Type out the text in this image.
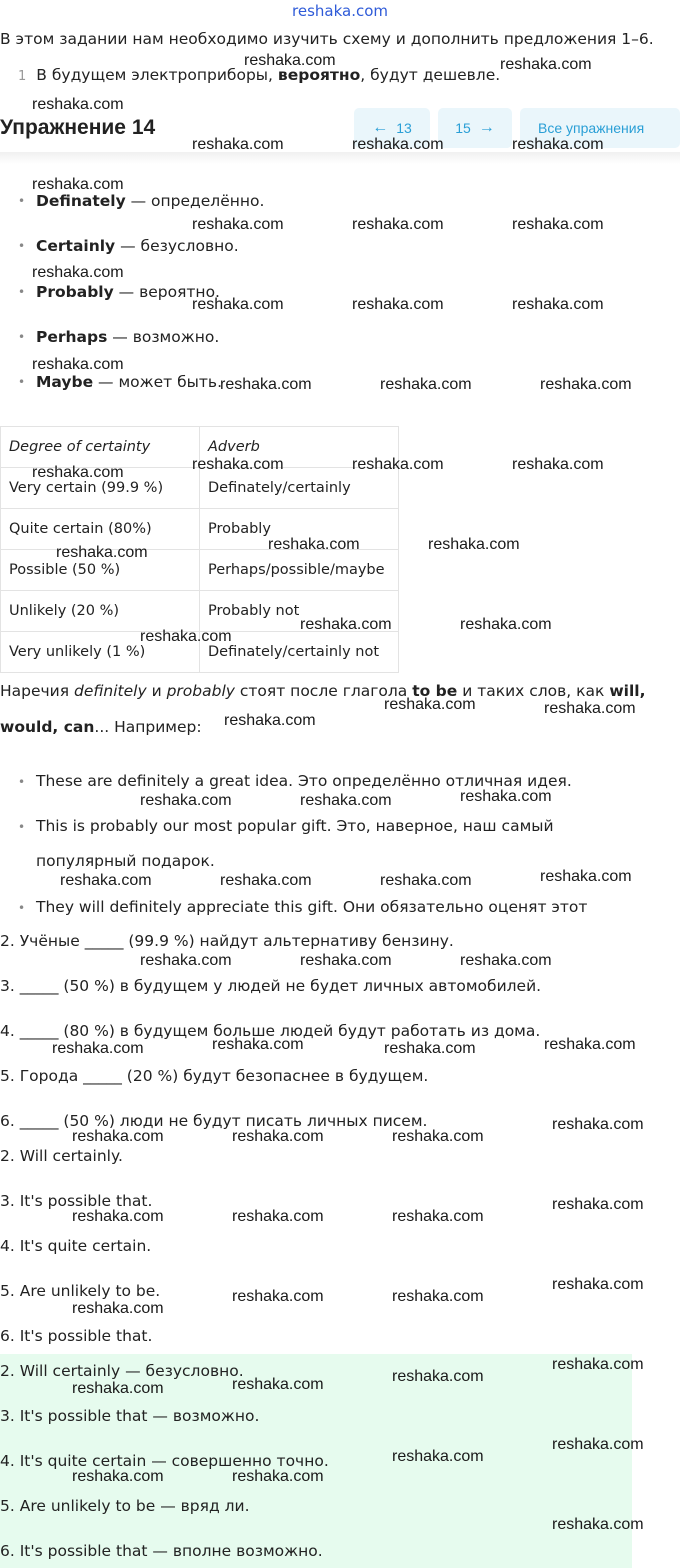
reshaka.com
В этом задании нам необходимо изучить схему и дополнить предложения 1–6.
1 В будущем электроприборы, вероятно, будут дешевле.
Упражнение 14	← 13	15 →	Все упражнения
• Definately — определённо.
• Certainly — безусловно.
• Probably — вероятно.
• Perhaps — возможно.
• Maybe — может быть.
Degree of certainty	Adverb
Very certain (99.9 %)	Definately/certainly
Quite certain (80%)	Probably
Possible (50 %)	Perhaps/possible/maybe
Unlikely (20 %)	Probably not
Very unlikely (1 %)	Definately/certainly not
Наречия definitely и probably стоят после глагола to be и таких слов, как will,
would, can... Например:
• These are definitely a great idea. Это определённо отличная идея.
• This is probably our most popular gift. Это, наверное, наш самый
популярный подарок.
• They will definitely appreciate this gift. Они обязательно оценят этот
2. Учёные _____ (99.9 %) найдут альтернативу бензину.
3. _____ (50 %) в будущем у людей не будет личных автомобилей.
4. _____ (80 %) в будущем больше людей будут работать из дома.
5. Города _____ (20 %) будут безопаснее в будущем.
6. _____ (50 %) люди не будут писать личных писем.
2. Will certainly.
3. It's possible that.
4. It's quite certain.
5. Are unlikely to be.
6. It's possible that.
2. Will certainly — безусловно.
3. It's possible that — возможно.
4. It's quite certain — совершенно точно.
5. Are unlikely to be — вряд ли.
6. It's possible that — вполне возможно.
reshaka.com	reshaka.com
reshaka.com
reshaka.com	reshaka.com	reshaka.com
reshaka.com
reshaka.com	reshaka.com	reshaka.com
reshaka.com
reshaka.com	reshaka.com	reshaka.com
reshaka.com
reshaka.com	reshaka.com	reshaka.com
reshaka.com	reshaka.com	reshaka.com
reshaka.com
reshaka.com	reshaka.com
reshaka.com
reshaka.com	reshaka.com
reshaka.com
reshaka.com	reshaka.com
reshaka.com
reshaka.com	reshaka.com	reshaka.com
reshaka.com	reshaka.com	reshaka.com	reshaka.com
reshaka.com	reshaka.com	reshaka.com
reshaka.com	reshaka.com	reshaka.com	reshaka.com
reshaka.com	reshaka.com	reshaka.com
reshaka.com
reshaka.com
reshaka.com	reshaka.com	reshaka.com
reshaka.com
reshaka.com	reshaka.com
reshaka.com
reshaka.com
reshaka.com
reshaka.com
reshaka.com
reshaka.com
reshaka.com
reshaka.com	reshaka.com
reshaka.com
